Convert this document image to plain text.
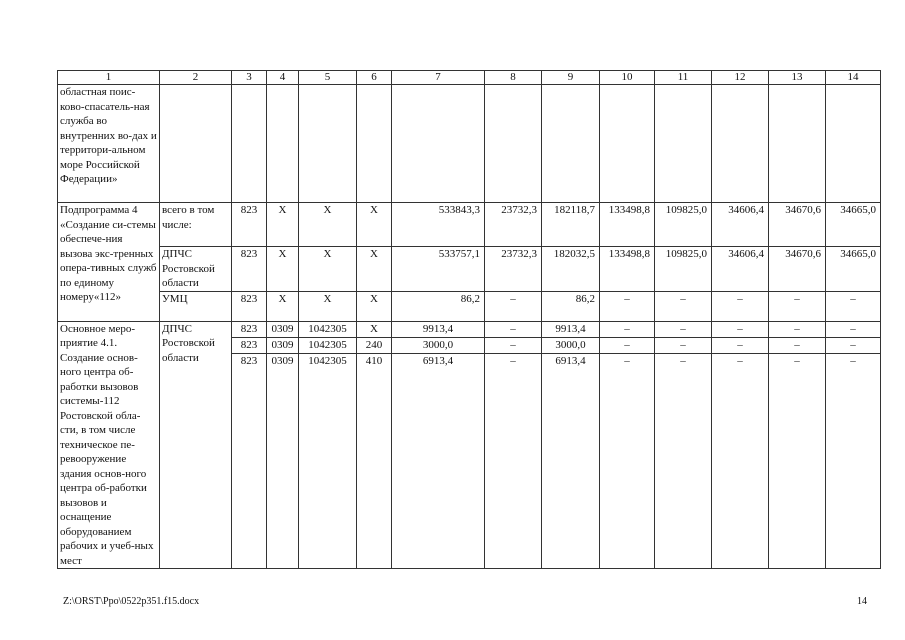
1	2	3	4	5	6	7	8	9	10	11	12	13	14
областная поис-ково-спасатель-ная служба во внутренних во-дах и территори-альном море Российской Федерации»													
Подпрограмма 4 «Создание си-стемы обеспече-ния вызова экс-тренных опера-тивных служб по единому номеру«112»	всего в том числе:	823	Х	Х	Х	533843,3	23732,3	182118,7	133498,8	109825,0	34606,4	34670,6	34665,0
	ДПЧС Ростовской области	823	Х	Х	Х	533757,1	23732,3	182032,5	133498,8	109825,0	34606,4	34670,6	34665,0
	УМЦ	823	Х	Х	Х	86,2	–	86,2	–	–	–	–	–
Основное меро-приятие 4.1. Создание основ-ного центра об-работки вызовов системы-112 Ростовской обла-сти, в том числе техническое пе-ревооружение здания основ-ного центра об-работки вызовов и оснащение оборудованием рабочих и учеб-ных мест	ДПЧС Ростовской области	823	0309	1042305	Х	9913,4	–	9913,4	–	–	–	–	–
		823	0309	1042305	240	3000,0	–	3000,0	–	–	–	–	–
		823	0309	1042305	410	6913,4	–	6913,4	–	–	–	–	–
Z:\ORST\Ppo\0522p351.f15.docx	14
